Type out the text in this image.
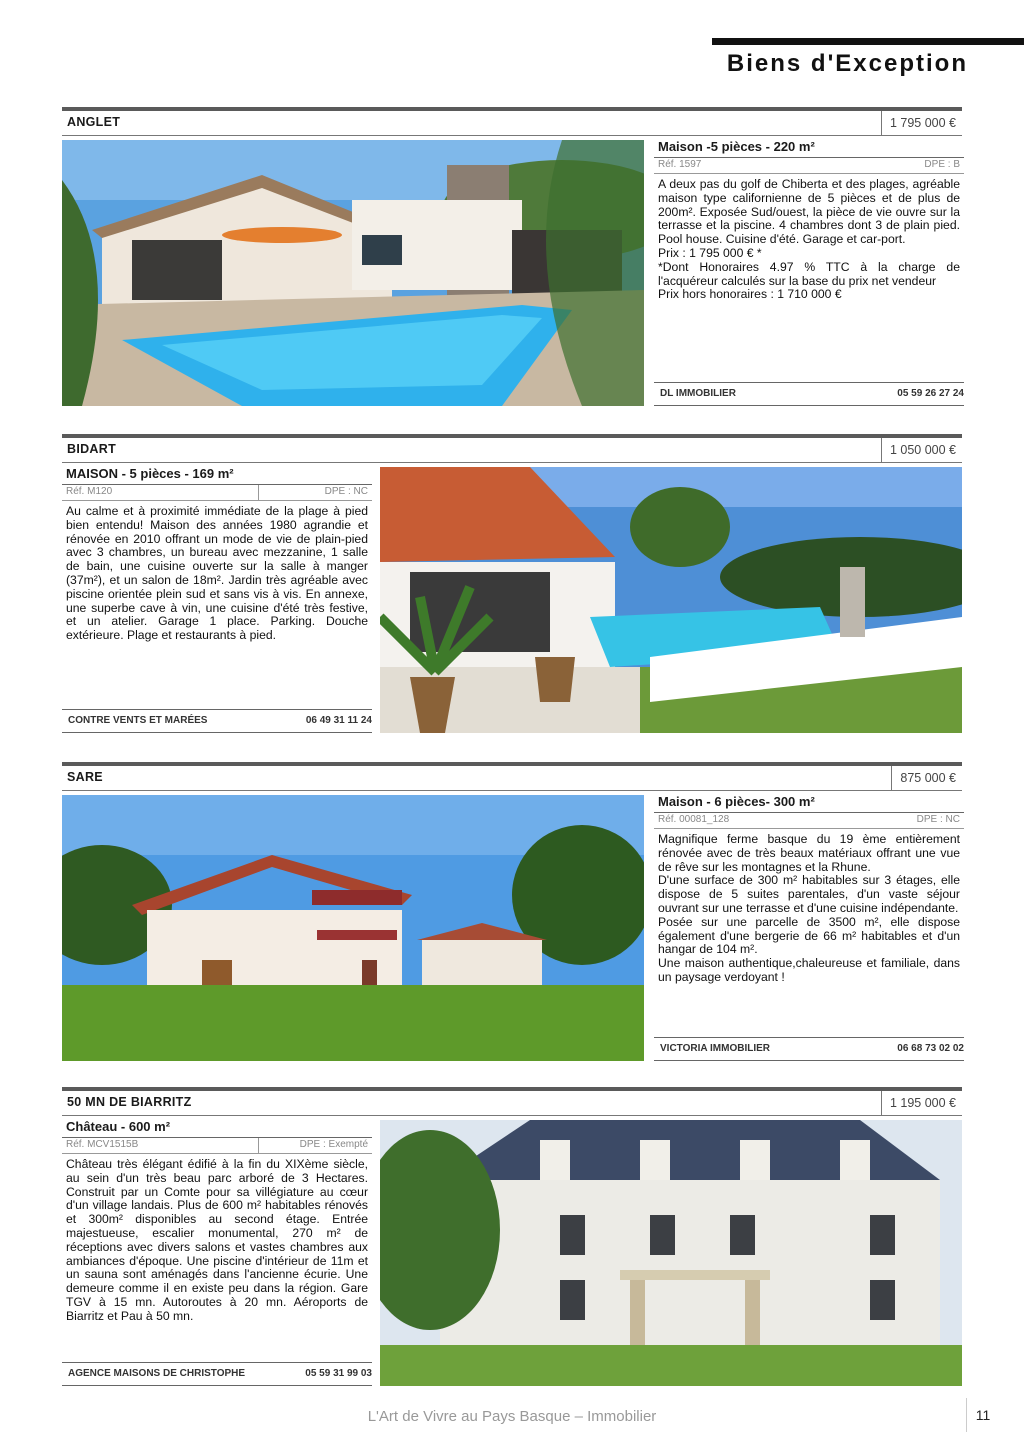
Biens d'Exception
ANGLET	1 795 000 €
Maison -5 pièces - 220 m²
Réf. 1597	DPE : B

A deux pas du golf de Chiberta et des plages, agréable maison type californienne de 5 pièces et de plus de 200m². Exposée Sud/ouest, la pièce de vie ouvre sur la terrasse et la piscine. 4 chambres dont 3 de plain pied. Pool house. Cuisine d'été. Garage et car-port.

Prix : 1 795 000 € *

*Dont Honoraires 4.97 % TTC à la charge de l'acquéreur calculés sur la base du prix net vendeur

Prix hors honoraires : 1 710 000 €

DL IMMOBILIER	05 59 26 27 24
BIDART	1 050 000 €
MAISON - 5 pièces - 169 m²
Réf. M120	DPE : NC

Au calme et à proximité immédiate de la plage à pied bien entendu! Maison des années 1980 agrandie et rénovée en 2010 offrant un mode de vie de plain-pied avec 3 chambres, un bureau avec mezzanine, 1 salle de bain, une cuisine ouverte sur la salle à manger (37m²), et un salon de 18m². Jardin très agréable avec piscine orientée plein sud et sans vis à vis. En annexe, une superbe cave à vin, une cuisine d'été très festive, et un atelier. Garage 1 place. Parking. Douche extérieure. Plage et restaurants à pied.

CONTRE VENTS ET MARÉES	06 49 31 11 24
SARE	875 000 €
Maison - 6 pièces- 300 m²
Réf. 00081_128	DPE : NC

Magnifique ferme basque du 19 ème entièrement rénovée avec de très beaux matériaux offrant une vue de rêve sur les montagnes et la Rhune.

D'une surface de 300 m² habitables sur 3 étages, elle dispose de 5 suites parentales, d'un vaste séjour ouvrant sur une terrasse et d'une cuisine indépendante.

Posée sur une parcelle de 3500 m², elle dispose également d'une bergerie de 66 m² habitables et d'un hangar de 104 m².

Une maison authentique,chaleureuse et familiale, dans un paysage verdoyant !

VICTORIA IMMOBILIER	06 68 73 02 02
50 MN DE BIARRITZ	1 195 000 €
Château - 600 m²
Réf. MCV1515B	DPE : Exempté

Château très élégant édifié à la fin du XIXème siècle, au sein d'un très beau parc arboré de 3 Hectares. Construit par un Comte pour sa villégiature au cœur d'un village landais. Plus de 600 m² habitables rénovés et 300m² disponibles au second étage. Entrée majestueuse, escalier monumental, 270 m² de réceptions avec divers salons et vastes chambres aux ambiances d'époque. Une piscine d'intérieur de 11m et un sauna sont aménagés dans l'ancienne écurie. Une demeure comme il en existe peu dans la région. Gare TGV à 15 mn. Autoroutes à 20 mn. Aéroports de Biarritz et Pau à 50 mn.

AGENCE MAISONS DE CHRISTOPHE	05 59 31 99 03
L'Art de Vivre au Pays Basque – Immobilier	11
